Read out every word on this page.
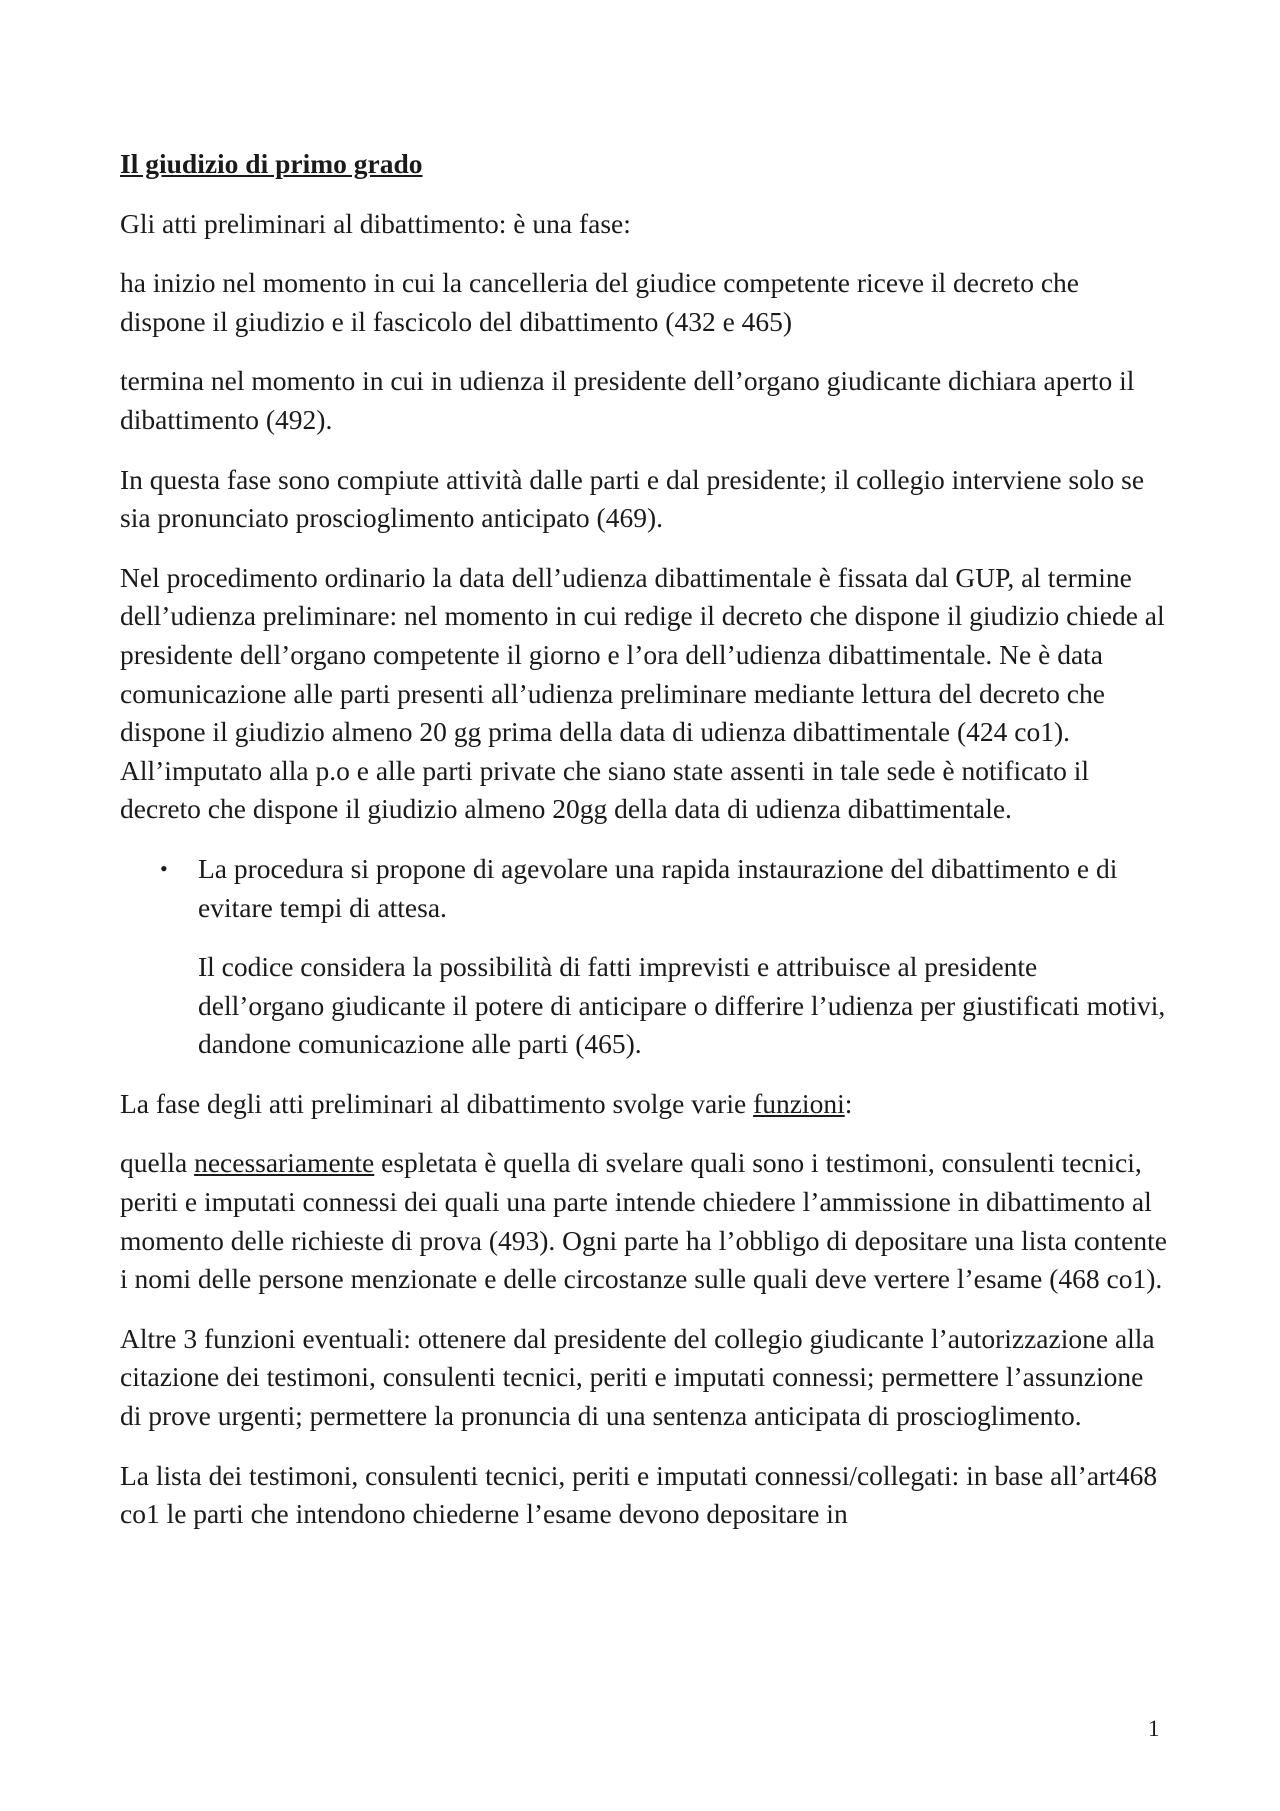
Il giudizio di primo grado

Gli atti preliminari al dibattimento: è una fase:

ha inizio nel momento in cui la cancelleria del giudice competente riceve il decreto che dispone il giudizio e il fascicolo del dibattimento (432 e 465)

termina nel momento in cui in udienza il presidente dell’organo giudicante dichiara aperto il dibattimento (492).

In questa fase sono compiute attività dalle parti e dal presidente; il collegio interviene solo se sia pronunciato proscioglimento anticipato (469).

Nel procedimento ordinario la data dell’udienza dibattimentale è fissata dal GUP, al termine dell’udienza preliminare: nel momento in cui redige il decreto che dispone il giudizio chiede al presidente dell’organo competente il giorno e l’ora dell’udienza dibattimentale. Ne è data comunicazione alle parti presenti all’udienza preliminare mediante lettura del decreto che dispone il giudizio almeno 20 gg prima della data di udienza dibattimentale (424 co1). All’imputato alla p.o e alle parti private che siano state assenti in tale sede è notificato il decreto che dispone il giudizio almeno 20gg della data di udienza dibattimentale.

• La procedura si propone di agevolare una rapida instaurazione del dibattimento e di evitare tempi di attesa.

Il codice considera la possibilità di fatti imprevisti e attribuisce al presidente dell’organo giudicante il potere di anticipare o differire l’udienza per giustificati motivi, dandone comunicazione alle parti (465).

La fase degli atti preliminari al dibattimento svolge varie funzioni:

quella necessariamente espletata è quella di svelare quali sono i testimoni, consulenti tecnici, periti e imputati connessi dei quali una parte intende chiedere l’ammissione in dibattimento al momento delle richieste di prova (493). Ogni parte ha l’obbligo di depositare una lista contente i nomi delle persone menzionate e delle circostanze sulle quali deve vertere l’esame (468 co1).

Altre 3 funzioni eventuali: ottenere dal presidente del collegio giudicante l’autorizzazione alla citazione dei testimoni, consulenti tecnici, periti e imputati connessi; permettere l’assunzione di prove urgenti; permettere la pronuncia di una sentenza anticipata di proscioglimento.

La lista dei testimoni, consulenti tecnici, periti e imputati connessi/collegati: in base all’art468 co1 le parti che intendono chiederne l’esame devono depositare in

1
